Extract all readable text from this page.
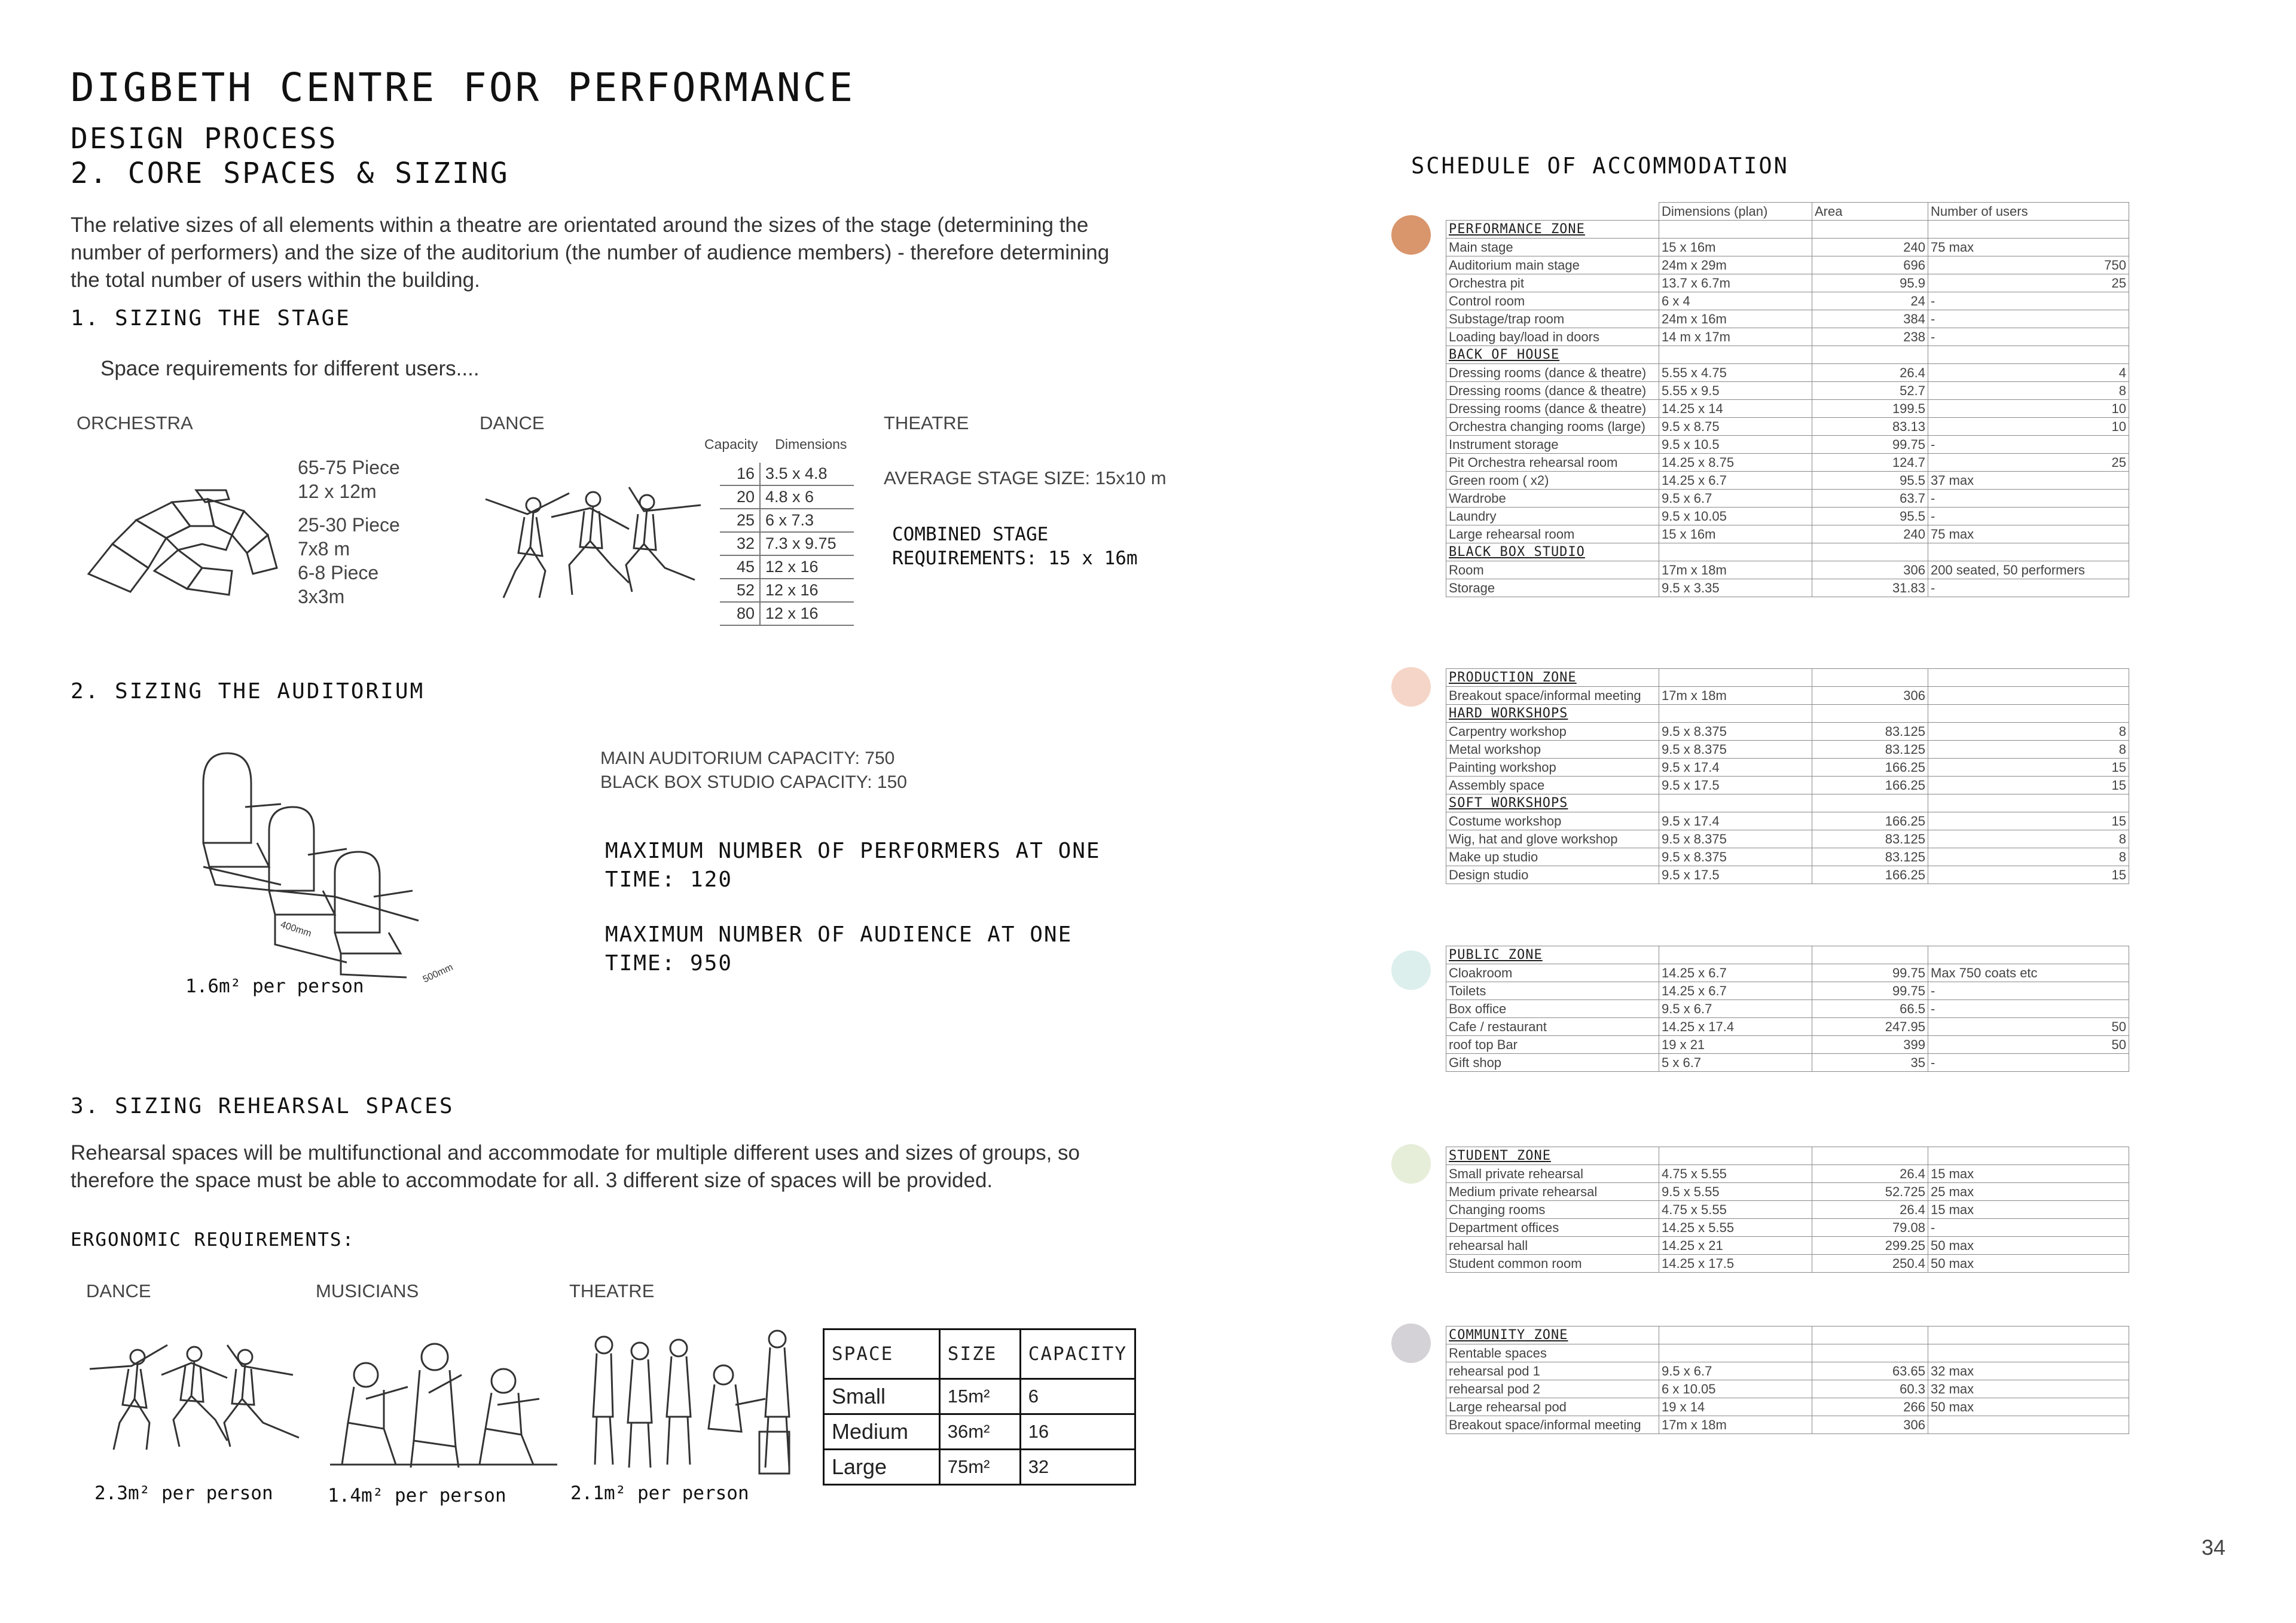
DIGBETH CENTRE FOR PERFORMANCE
DESIGN PROCESS
2. CORE SPACES & SIZING
The relative sizes of all elements within a theatre are orientated around the sizes of the stage (determining the number of performers) and the size of the auditorium (the number of audience members) - therefore determining the total number of users within the building.
1. SIZING THE STAGE
Space requirements for different users....
ORCHESTRA
65-75 Piece
12 x 12m
25-30 Piece
7x8 m
6-8 Piece
3x3m
DANCE
Capacity Dimensions
16	3.5 x 4.8
20	4.8 x 6
25	6 x 7.3
32	7.3 x 9.75
45	12 x 16
52	12 x 16
80	12 x 16
THEATRE
AVERAGE STAGE SIZE: 15x10 m
COMBINED STAGE
REQUIREMENTS: 15 x 16m
2. SIZING THE AUDITORIUM
400mm
500mm
1.6m² per person
MAIN AUDITORIUM CAPACITY: 750
BLACK BOX STUDIO CAPACITY: 150
MAXIMUM NUMBER OF PERFORMERS AT ONE
TIME: 120
MAXIMUM NUMBER OF AUDIENCE AT ONE
TIME: 950
3. SIZING REHEARSAL SPACES
Rehearsal spaces will be multifunctional and accommodate for multiple different uses and sizes of groups, so therefore the space must be able to accommodate for all. 3 different size of spaces will be provided.
ERGONOMIC REQUIREMENTS:
DANCE	MUSICIANS	THEATRE
2.3m² per person	1.4m² per person	2.1m² per person
SPACE	SIZE	CAPACITY
Small	15m²	6
Medium	36m²	16
Large	75m²	32
SCHEDULE OF ACCOMMODATION
	Dimensions (plan)	Area	Number of users
PERFORMANCE ZONE			
Main stage	15 x 16m	240	75 max
Auditorium main stage	24m x 29m	696	750
Orchestra pit	13.7 x 6.7m	95.9	25
Control room	6 x 4	24	-
Substage/trap room	24m x 16m	384	-
Loading bay/load in doors	14 m x 17m	238	-
BACK OF HOUSE			
Dressing rooms (dance & theatre)	5.55 x 4.75	26.4	4
Dressing rooms (dance & theatre)	5.55 x 9.5	52.7	8
Dressing rooms (dance & theatre)	14.25 x 14	199.5	10
Orchestra changing rooms (large)	9.5 x 8.75	83.13	10
Instrument storage	9.5 x 10.5	99.75	-
Pit Orchestra rehearsal room	14.25 x 8.75	124.7	25
Green room ( x2)	14.25 x 6.7	95.5	37 max
Wardrobe	9.5 x 6.7	63.7	-
Laundry	9.5 x 10.05	95.5	-
Large rehearsal room	15 x 16m	240	75 max
BLACK BOX STUDIO			
Room	17m x 18m	306	200 seated, 50 performers
Storage	9.5 x 3.35	31.83	-
PRODUCTION ZONE			
Breakout space/informal meeting	17m x 18m	306	
HARD WORKSHOPS			
Carpentry workshop	9.5 x 8.375	83.125	8
Metal workshop	9.5 x 8.375	83.125	8
Painting workshop	9.5 x 17.4	166.25	15
Assembly space	9.5 x 17.5	166.25	15
SOFT WORKSHOPS			
Costume workshop	9.5 x 17.4	166.25	15
Wig, hat and glove workshop	9.5 x 8.375	83.125	8
Make up studio	9.5 x 8.375	83.125	8
Design studio	9.5 x 17.5	166.25	15
PUBLIC ZONE			
Cloakroom	14.25 x 6.7	99.75	Max 750 coats etc
Toilets	14.25 x 6.7	99.75	-
Box office	9.5 x 6.7	66.5	-
Cafe / restaurant	14.25 x 17.4	247.95	50
roof top Bar	19 x 21	399	50
Gift shop	5 x 6.7	35	-
STUDENT ZONE			
Small private rehearsal	4.75 x 5.55	26.4	15 max
Medium private rehearsal	9.5 x 5.55	52.725	25 max
Changing rooms	4.75 x 5.55	26.4	15 max
Department offices	14.25 x 5.55	79.08	-
rehearsal hall	14.25 x 21	299.25	50 max
Student common room	14.25 x 17.5	250.4	50 max
COMMUNITY ZONE			
Rentable spaces			
rehearsal pod 1	9.5 x 6.7	63.65	32 max
rehearsal pod 2	6 x 10.05	60.3	32 max
Large rehearsal pod	19 x 14	266	50 max
Breakout space/informal meeting	17m x 18m	306	
34
